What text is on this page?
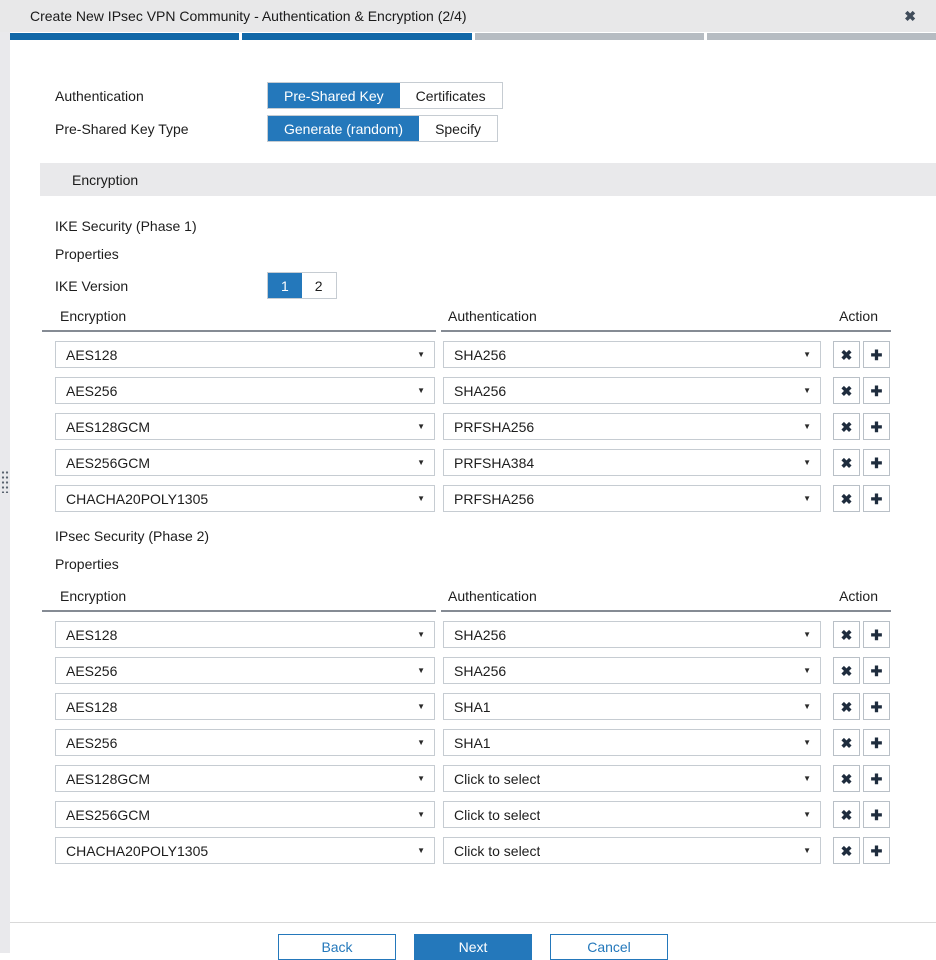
Create New IPsec VPN Community - Authentication & Encryption (2/4)	✖
Authentication	Pre-Shared Key	Certificates
Pre-Shared Key Type	Generate (random)	Specify
Encryption
IKE Security (Phase 1)
Properties
IKE Version	1	2
Encryption	Authentication	Action
AES128	▼ SHA256	▼ ✖ ✚
AES256	▼ SHA256	▼ ✖ ✚
AES128GCM	▼ PRFSHA256	▼ ✖ ✚
AES256GCM	▼ PRFSHA384	▼ ✖ ✚
CHACHA20POLY1305	▼ PRFSHA256	▼ ✖ ✚
IPsec Security (Phase 2)
Properties
Encryption	Authentication	Action
AES128	▼ SHA256	▼ ✖ ✚
AES256	▼ SHA256	▼ ✖ ✚
AES128	▼ SHA1	▼ ✖ ✚
AES256	▼ SHA1	▼ ✖ ✚
AES128GCM	▼ Click to select	▼ ✖ ✚
AES256GCM	▼ Click to select	▼ ✖ ✚
CHACHA20POLY1305	▼ Click to select	▼ ✖ ✚
Back	Next	Cancel
